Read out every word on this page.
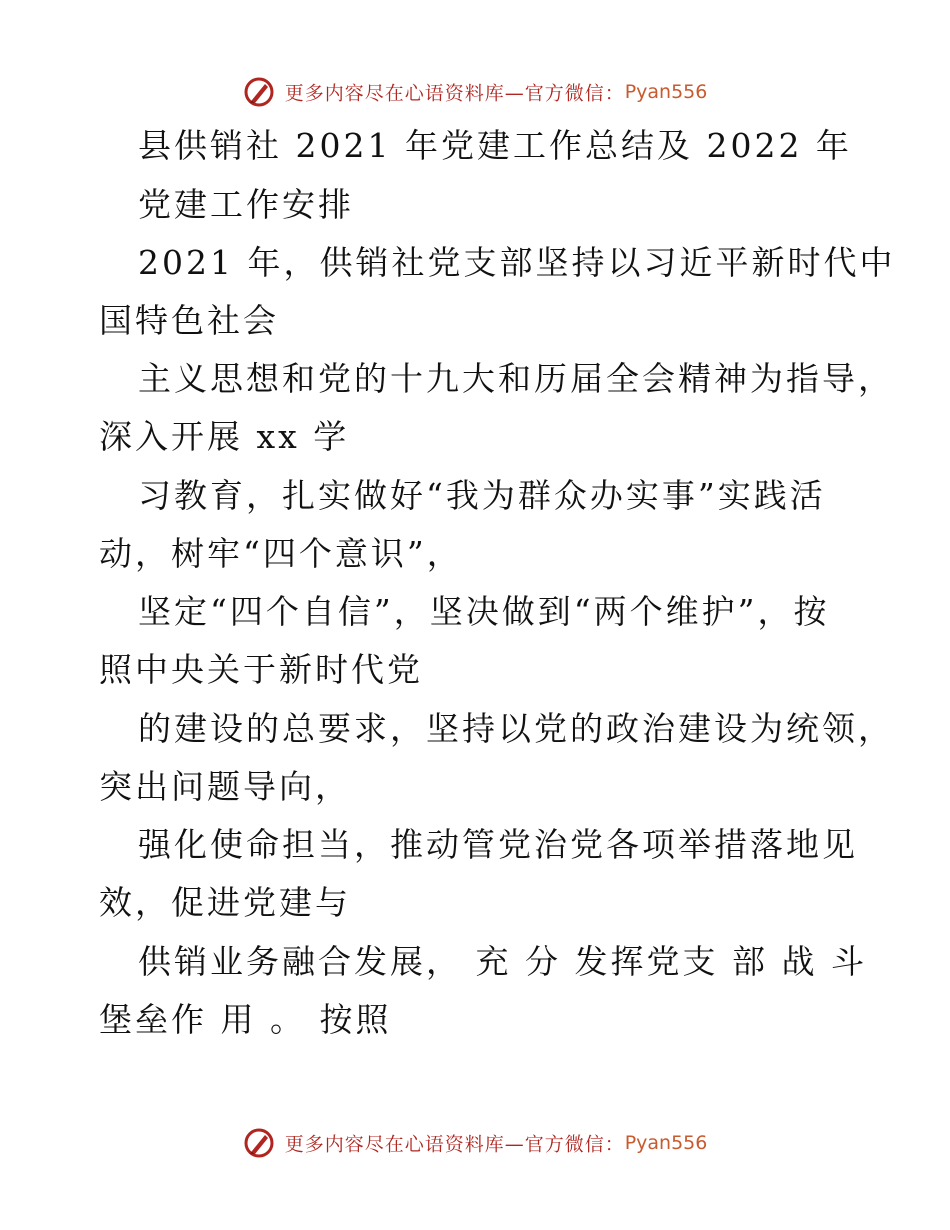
更多内容尽在心语资料库—官方微信：Pyan556
县供销社 2021 年党建工作总结及 2022 年
党建工作安排
2021 年，供销社党支部坚持以习近平新时代中
国特色社会
主义思想和党的十九大和历届全会精神为指导，
深入开展 xx 学
习教育，扎实做好“我为群众办实事”实践活
动，树牢“四个意识”，
坚定“四个自信”，坚决做到“两个维护”，按
照中央关于新时代党
的建设的总要求，坚持以党的政治建设为统领，
突出问题导向，
强化使命担当，推动管党治党各项举措落地见
效，促进党建与
供销业务融合发展， 充 分 发挥党支 部 战 斗
堡垒作 用 。 按照
更多内容尽在心语资料库—官方微信：Pyan556
